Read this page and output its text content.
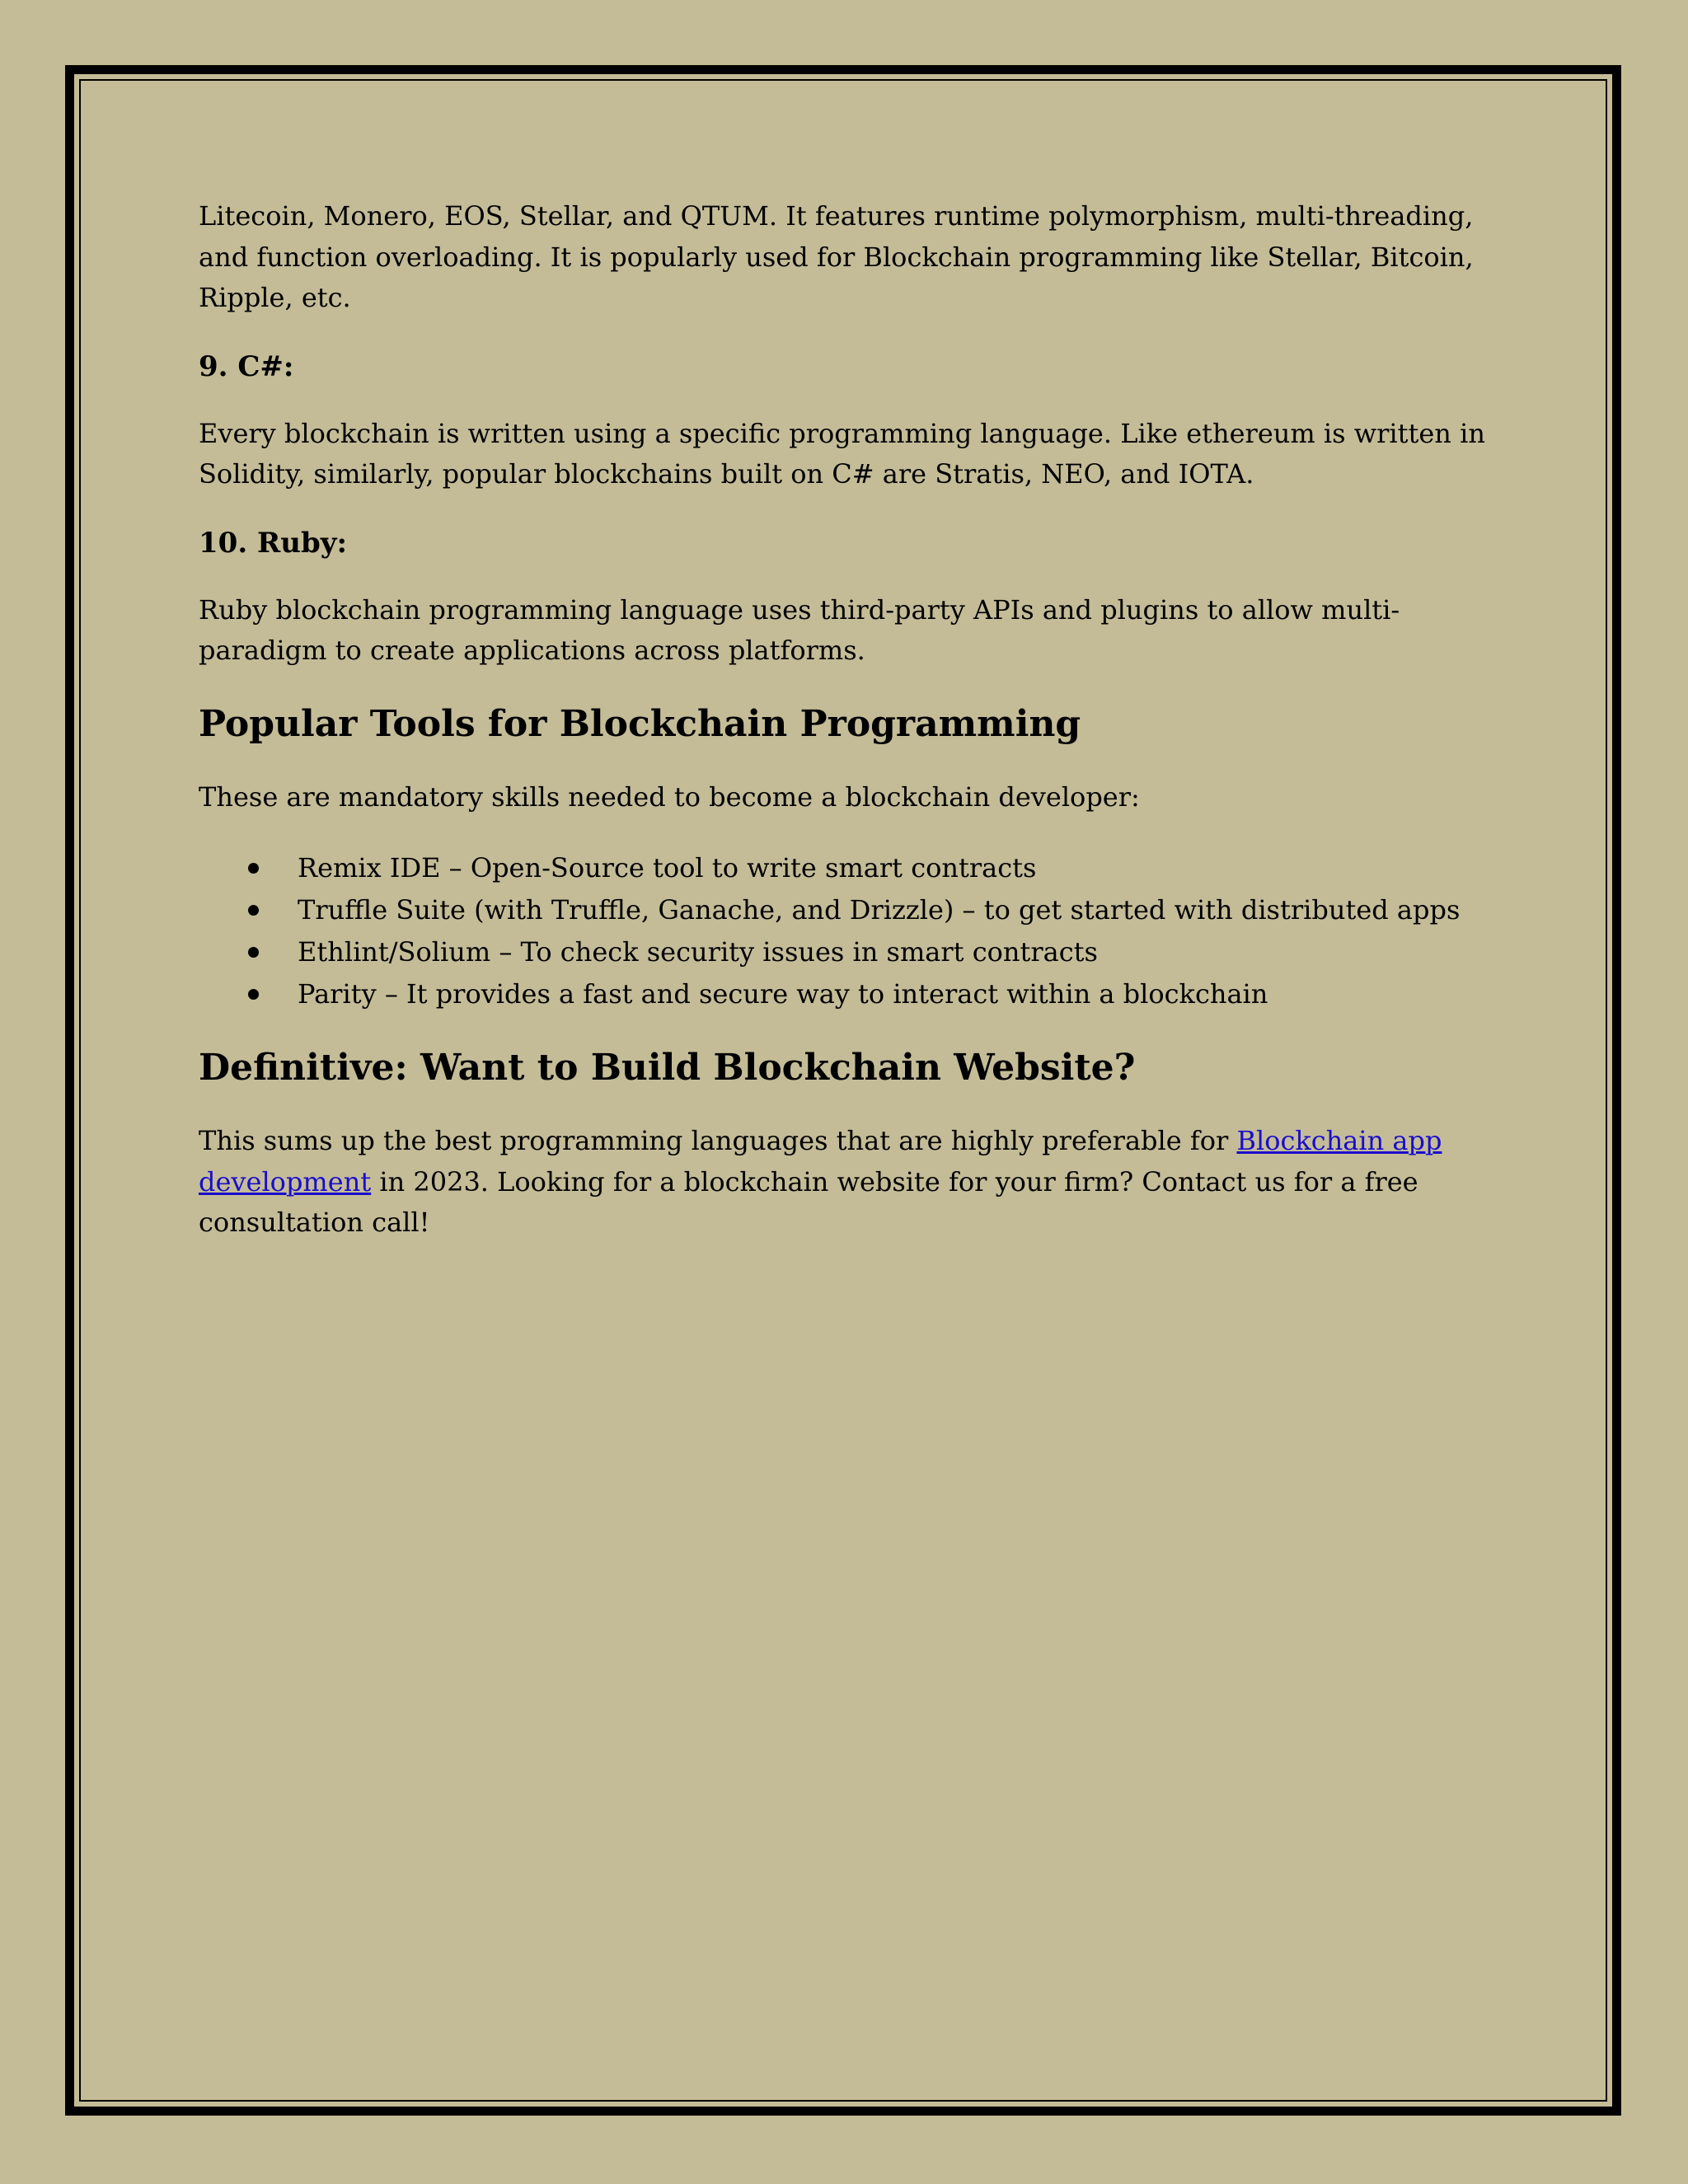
Litecoin, Monero, EOS, Stellar, and QTUM. It features runtime polymorphism, multi-threading, and function overloading. It is popularly used for Blockchain programming like Stellar, Bitcoin, Ripple, etc.

9. C#:

Every blockchain is written using a specific programming language. Like ethereum is written in Solidity, similarly, popular blockchains built on C# are Stratis, NEO, and IOTA.

10. Ruby:

Ruby blockchain programming language uses third-party APIs and plugins to allow multi-paradigm to create applications across platforms.

Popular Tools for Blockchain Programming

These are mandatory skills needed to become a blockchain developer:

Remix IDE – Open-Source tool to write smart contracts
Truffle Suite (with Truffle, Ganache, and Drizzle) – to get started with distributed apps
Ethlint/Solium – To check security issues in smart contracts
Parity – It provides a fast and secure way to interact within a blockchain
Definitive: Want to Build Blockchain Website?

This sums up the best programming languages that are highly preferable for Blockchain app development in 2023. Looking for a blockchain website for your firm? Contact us for a free consultation call!
